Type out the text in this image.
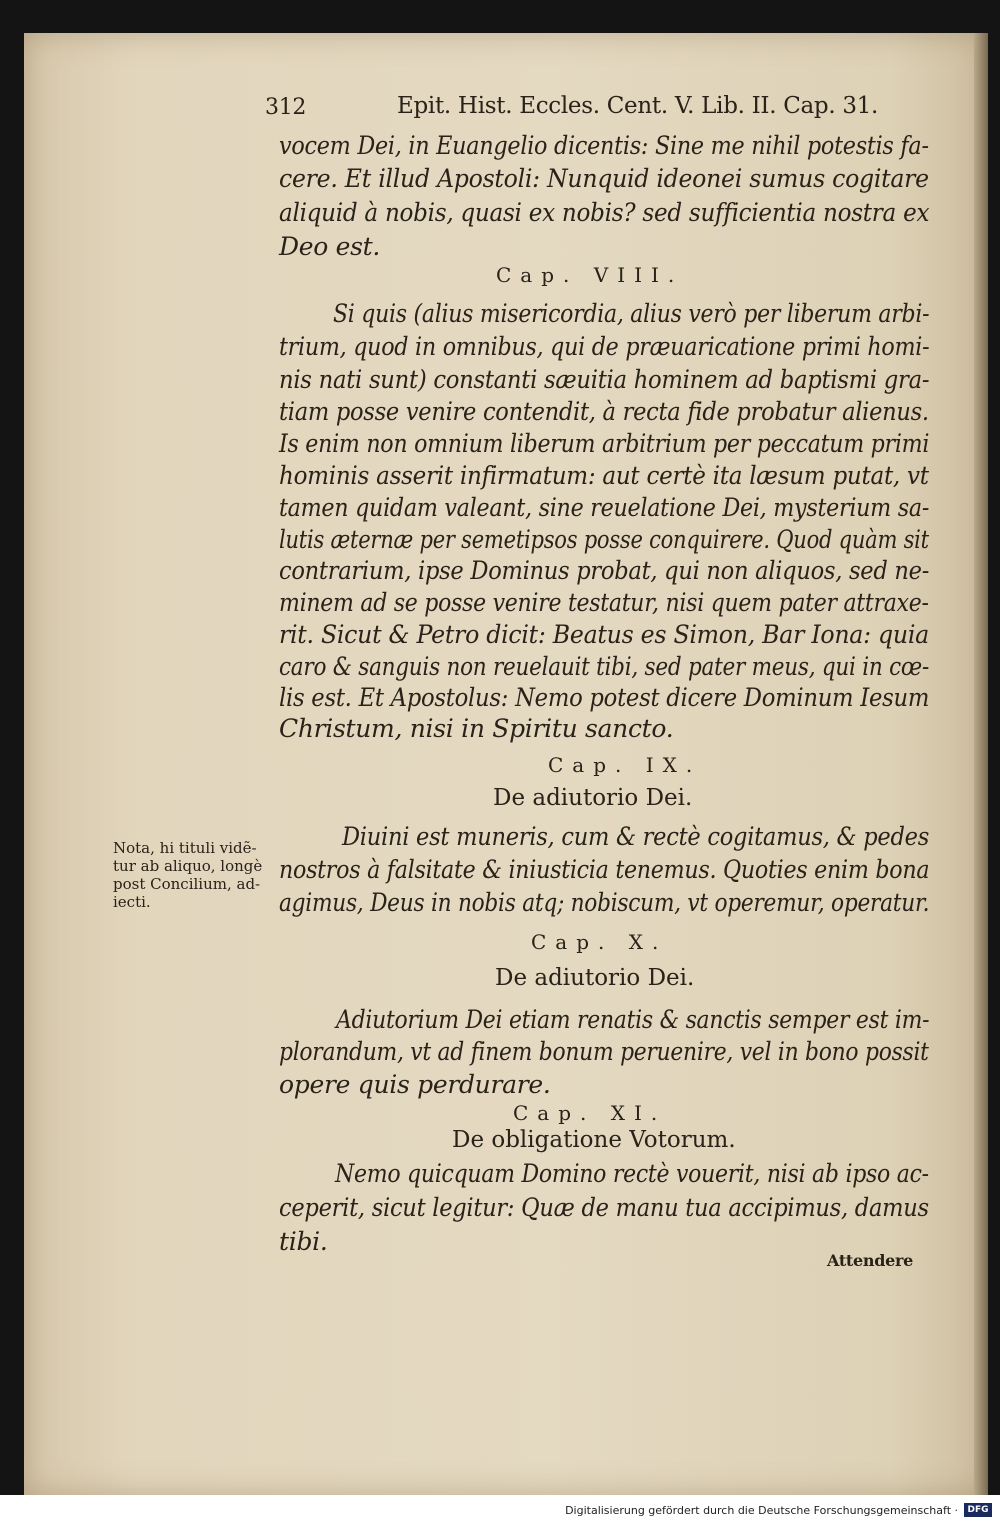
312	Epit. Hist. Eccles. Cent. V. Lib. II. Cap. 31.
vocem Dei, in Euangelio dicentis: Sine me nihil potestis fa-
cere. Et illud Apostoli: Nunquid ideonei sumus cogitare
aliquid à nobis, quasi ex nobis? sed sufficientia nostra ex
Deo est.
Cap. VIII.
Si quis (alius misericordia, alius verò per liberum arbi-
trium, quod in omnibus, qui de præuaricatione primi homi-
nis nati sunt) constanti sæuitia hominem ad baptismi gra-
tiam posse venire contendit, à recta fide probatur alienus.
Is enim non omnium liberum arbitrium per peccatum primi
hominis asserit infirmatum: aut certè ita læsum putat, vt
tamen quidam valeant, sine reuelatione Dei, mysterium sa-
lutis æternæ per semetipsos posse conquirere. Quod quàm sit
contrarium, ipse Dominus probat, qui non aliquos, sed ne-
minem ad se posse venire testatur, nisi quem pater attraxe-
rit. Sicut & Petro dicit: Beatus es Simon, Bar Iona: quia
caro & sanguis non reuelauit tibi, sed pater meus, qui in cœ-
lis est. Et Apostolus: Nemo potest dicere Dominum Iesum
Christum, nisi in Spiritu sancto.
Cap. IX.
De adiutorio Dei.
Diuini est muneris, cum & rectè cogitamus, & pedes
nostros à falsitate & iniusticia tenemus. Quoties enim bona
agimus, Deus in nobis atq; nobiscum, vt operemur, operatur.
Nota, hi tituli vidẽ-
tur ab aliquo, longè
post Concilium, ad-
iecti.
Cap. X.
De adiutorio Dei.
Adiutorium Dei etiam renatis & sanctis semper est im-
plorandum, vt ad finem bonum peruenire, vel in bono possit
opere quis perdurare.
Cap. XI.
De obligatione Votorum.
Nemo quicquam Domino rectè vouerit, nisi ab ipso ac-
ceperit, sicut legitur: Quæ de manu tua accipimus, damus
tibi.
Attendere
Digitalisierung gefördert durch die Deutsche Forschungsgemeinschaft ·	DFG
